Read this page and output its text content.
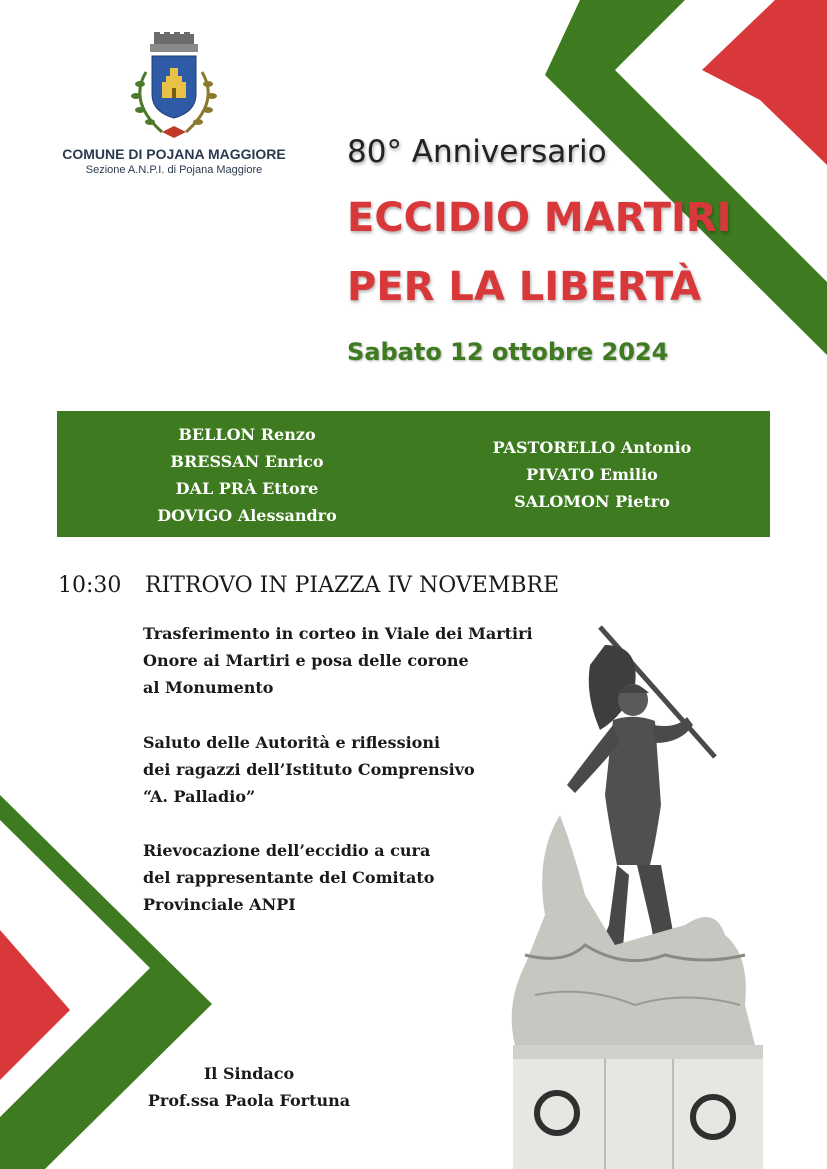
COMUNE DI POJANA MAGGIORE
Sezione A.N.P.I. di Pojana Maggiore	80° Anniversario
ECCIDIO MARTIRI
PER LA LIBERTÀ
Sabato 12 ottobre 2024
BELLON Renzo
BRESSAN Enrico
DAL PRÀ Ettore
DOVIGO Alessandro
PASTORELLO Antonio
PIVATO Emilio
SALOMON Pietro
10:30 RITROVO IN PIAZZA IV NOVEMBRE
Trasferimento in corteo in Viale dei Martiri
Onore ai Martiri e posa delle corone
al Monumento
Saluto delle Autorità e riflessioni
dei ragazzi dell’Istituto Comprensivo
“A. Palladio”
Rievocazione dell’eccidio a cura
del rappresentante del Comitato
Provinciale ANPI
Il Sindaco
Prof.ssa Paola Fortuna
